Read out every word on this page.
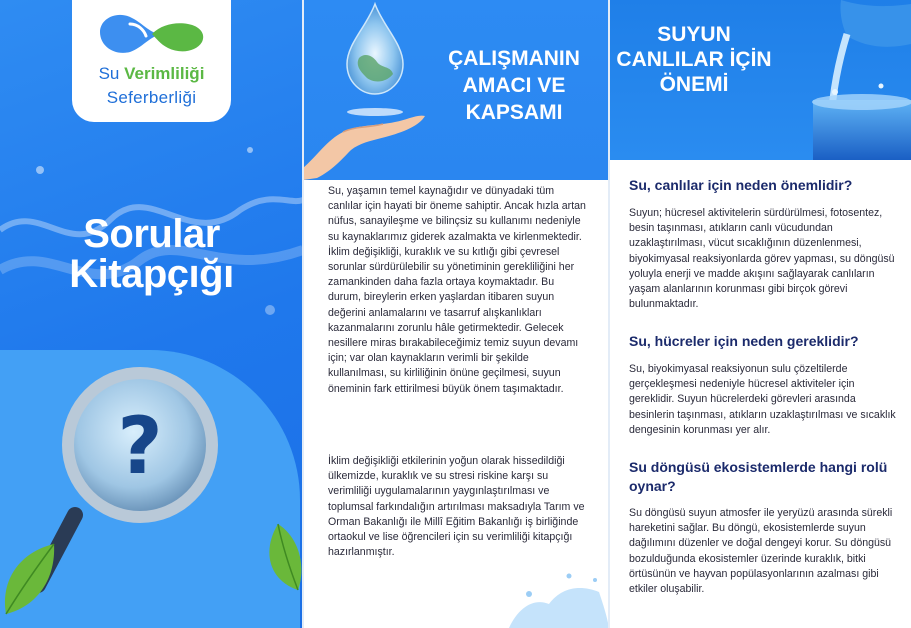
Su Verimliliği
Seferberliği
Sorular
Kitapçığı
?
ÇALIŞMANIN
AMACI VE
KAPSAMI

Su, yaşamın temel kaynağıdır ve dünyadaki tüm canlılar için hayati bir öneme sahiptir. Ancak hızla artan nüfus, sanayileşme ve bilinçsiz su kullanımı nedeniyle su kaynaklarımız giderek azalmakta ve kirlenmektedir. İklim değişikliği, kuraklık ve su kıtlığı gibi çevresel sorunlar sürdürülebilir su yönetiminin gerekliliğini her zamankinden daha fazla ortaya koymaktadır. Bu durum, bireylerin erken yaşlardan itibaren suyun değerini anlamalarını ve tasarruf alışkanlıkları kazanmalarını zorunlu hâle getirmektedir. Gelecek nesillere miras bırakabileceğimiz temiz suyun devamı için; var olan kaynakların verimli bir şekilde kullanılması, su kirliliğinin önüne geçilmesi, suyun öneminin fark ettirilmesi büyük önem taşımaktadır.

İklim değişikliği etkilerinin yoğun olarak hissedildiği ülkemizde, kuraklık ve su stresi riskine karşı su verimliliği uygulamalarının yaygınlaştırılması ve toplumsal farkındalığın artırılması maksadıyla Tarım ve Orman Bakanlığı ile Millî Eğitim Bakanlığı iş birliğinde ortaokul ve lise öğrencileri için su verimliliği kitapçığı hazırlanmıştır.

SUYUN
CANLILAR İÇİN
ÖNEMİ
Su, canlılar için neden önemlidir?

Suyun; hücresel aktivitelerin sürdürülmesi, fotosentez, besin taşınması, atıkların canlı vücudundan uzaklaştırılması, vücut sıcaklığının düzenlenmesi, biyokimyasal reaksiyonlarda görev yapması, su döngüsü yoluyla enerji ve madde akışını sağlayarak canlıların yaşam alanlarının korunması gibi birçok görevi bulunmaktadır.

Su, hücreler için neden gereklidir?

Su, biyokimyasal reaksiyonun sulu çözeltilerde gerçekleşmesi nedeniyle hücresel aktiviteler için gereklidir. Suyun hücrelerdeki görevleri arasında besinlerin taşınması, atıkların uzaklaştırılması ve sıcaklık dengesinin korunması yer alır.

Su döngüsü ekosistemlerde hangi rolü oynar?

Su döngüsü suyun atmosfer ile yeryüzü arasında sürekli hareketini sağlar. Bu döngü, ekosistemlerde suyun dağılımını düzenler ve doğal dengeyi korur. Su döngüsü bozulduğunda ekosistemler üzerinde kuraklık, bitki örtüsünün ve hayvan popülasyonlarının azalması gibi etkiler oluşabilir.
